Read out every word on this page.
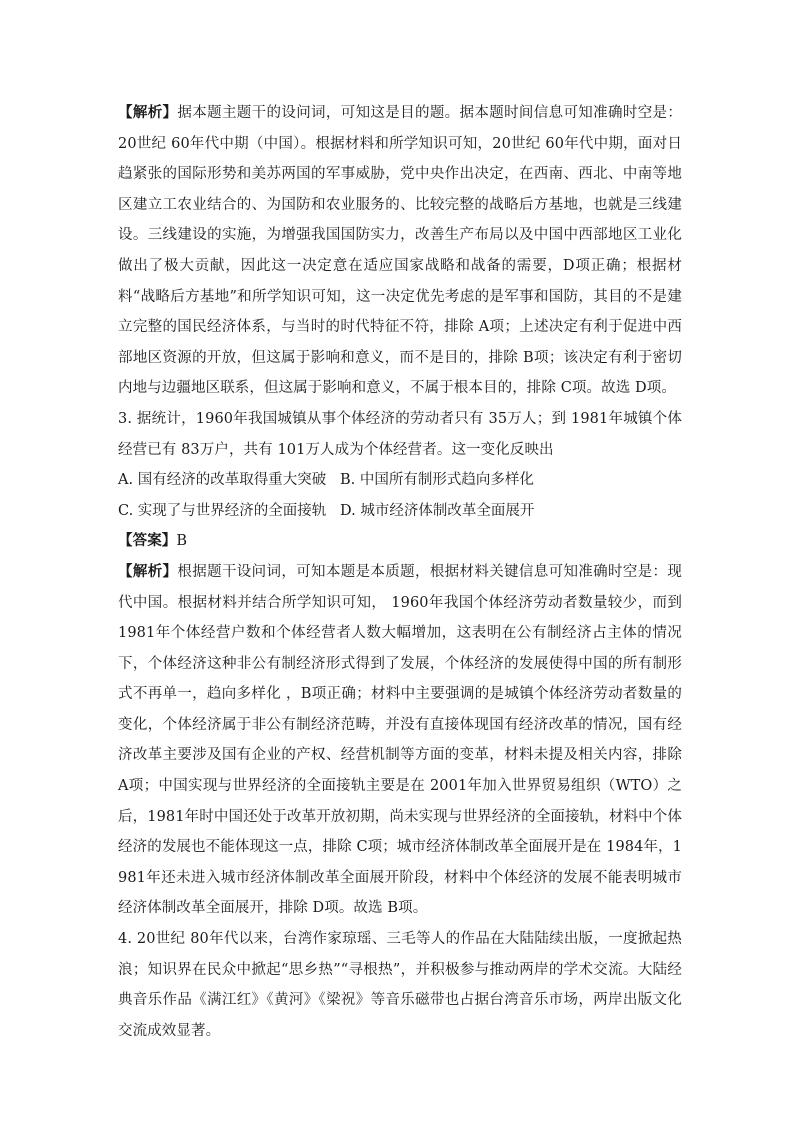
【解析】据本题主题干的设问词，可知这是目的题。据本题时间信息可知准确时空是：20世纪 60年代中期（中国）。根据材料和所学知识可知，20世纪 60年代中期，面对日趋紧张的国际形势和美苏两国的军事威胁，党中央作出决定，在西南、西北、中南等地区建立工农业结合的、为国防和农业服务的、比较完整的战略后方基地，也就是三线建设。三线建设的实施，为增强我国国防实力，改善生产布局以及中国中西部地区工业化做出了极大贡献，因此这一决定意在适应国家战略和战备的需要，D项正确；根据材料“战略后方基地”和所学知识可知，这一决定优先考虑的是军事和国防，其目的不是建立完整的国民经济体系，与当时的时代特征不符，排除 A项；上述决定有利于促进中西部地区资源的开放，但这属于影响和意义，而不是目的，排除 B项；该决定有利于密切内地与边疆地区联系，但这属于影响和意义，不属于根本目的，排除 C项。故选 D项。

3. 据统计，1960年我国城镇从事个体经济的劳动者只有 35万人；到 1981年城镇个体经营已有 83万户，共有 101万人成为个体经营者。这一变化反映出

A. 国有经济的改革取得重大突破 B. 中国所有制形式趋向多样化
C. 实现了与世界经济的全面接轨 D. 城市经济体制改革全面展开

【答案】B

【解析】根据题干设问词，可知本题是本质题，根据材料关键信息可知准确时空是：现代中国。根据材料并结合所学知识可知， 1960年我国个体经济劳动者数量较少，而到 1981年个体经营户数和个体经营者人数大幅增加，这表明在公有制经济占主体的情况下，个体经济这种非公有制经济形式得到了发展，个体经济的发展使得中国的所有制形式不再单一，趋向多样化 ，B项正确；材料中主要强调的是城镇个体经济劳动者数量的变化，个体经济属于非公有制经济范畴，并没有直接体现国有经济改革的情况，国有经济改革主要涉及国有企业的产权、经营机制等方面的变革，材料未提及相关内容，排除 A项；中国实现与世界经济的全面接轨主要是在 2001年加入世界贸易组织（WTO）之后，1981年时中国还处于改革开放初期，尚未实现与世界经济的全面接轨，材料中个体经济的发展也不能体现这一点，排除 C项；城市经济体制改革全面展开是在 1984年，1981年还未进入城市经济体制改革全面展开阶段，材料中个体经济的发展不能表明城市经济体制改革全面展开，排除 D项。故选 B项。

4. 20世纪 80年代以来，台湾作家琼瑶、三毛等人的作品在大陆陆续出版，一度掀起热浪；知识界在民众中掀起“思乡热”“寻根热”，并积极参与推动两岸的学术交流。大陆经典音乐作品《满江红》《黄河》《梁祝》等音乐磁带也占据台湾音乐市场，两岸出版文化交流成效显著。
